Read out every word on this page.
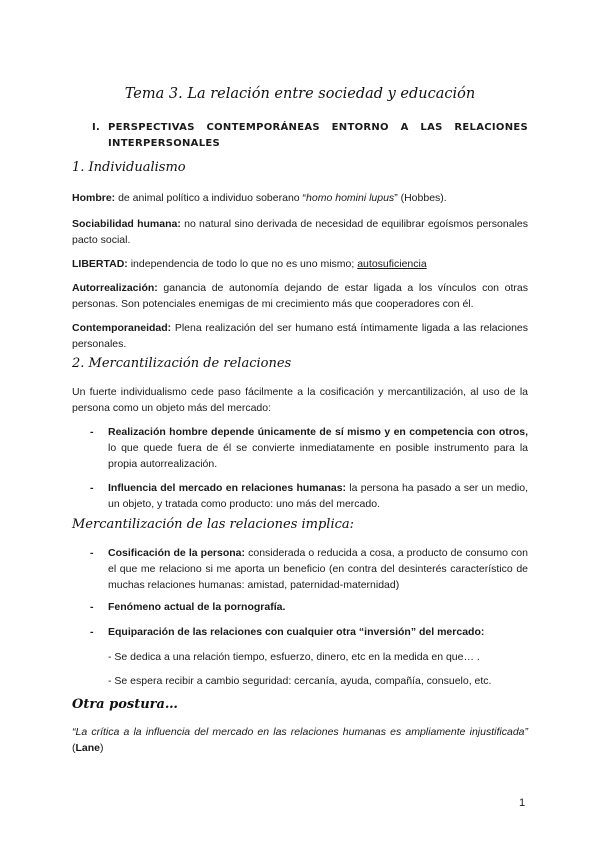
Tema 3. La relación entre sociedad y educación
I. PERSPECTIVAS CONTEMPORÁNEAS ENTORNO A LAS RELACIONES INTERPERSONALES
1. Individualismo
Hombre: de animal político a individuo soberano “homo homini lupus” (Hobbes).
Sociabilidad humana: no natural sino derivada de necesidad de equilibrar egoísmos personales pacto social.
LIBERTAD: independencia de todo lo que no es uno mismo; autosuficiencia
Autorrealización: ganancia de autonomía dejando de estar ligada a los vínculos con otras personas. Son potenciales enemigas de mi crecimiento más que cooperadores con él.
Contemporaneidad: Plena realización del ser humano está íntimamente ligada a las relaciones personales.
2. Mercantilización de relaciones
Un fuerte individualismo cede paso fácilmente a la cosificación y mercantilización, al uso de la persona como un objeto más del mercado:
- Realización hombre depende únicamente de sí mismo y en competencia con otros, lo que quede fuera de él se convierte inmediatamente en posible instrumento para la propia autorrealización.
- Influencia del mercado en relaciones humanas: la persona ha pasado a ser un medio, un objeto, y tratada como producto: uno más del mercado.
Mercantilización de las relaciones implica:
- Cosificación de la persona: considerada o reducida a cosa, a producto de consumo con el que me relaciono si me aporta un beneficio (en contra del desinterés característico de muchas relaciones humanas: amistad, paternidad-maternidad)
- Fenómeno actual de la pornografía.
- Equiparación de las relaciones con cualquier otra “inversión” del mercado:
- Se dedica a una relación tiempo, esfuerzo, dinero, etc en la medida en que… .
- Se espera recibir a cambio seguridad: cercanía, ayuda, compañía, consuelo, etc.
Otra postura…
“La crítica a la influencia del mercado en las relaciones humanas es ampliamente injustificada” (Lane)
1
